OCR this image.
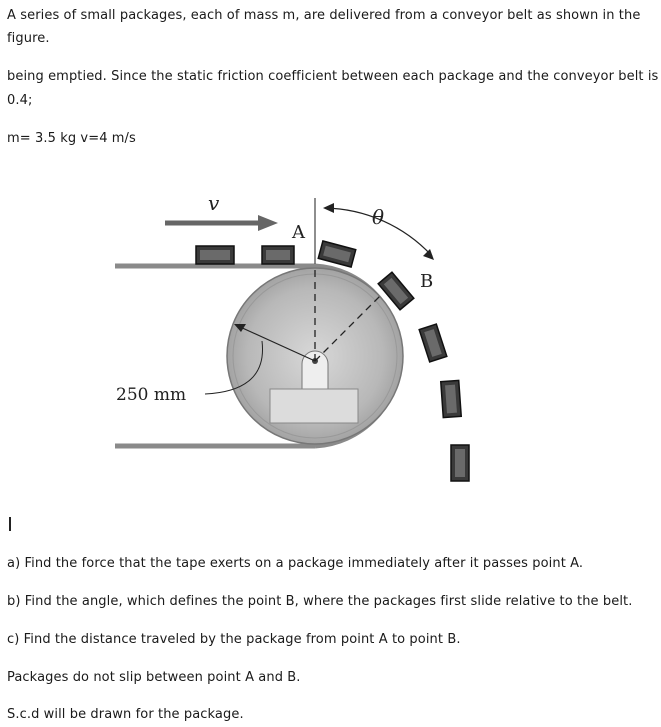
A series of small packages, each of mass m, are delivered from a conveyor belt as shown in the
figure.
being emptied. Since the static friction coefficient between each package and the conveyor belt is
0.4;
m= 3.5 kg v=4 m/s
v
A
θ
B
250 mm
a) Find the force that the tape exerts on a package immediately after it passes point A.
b) Find the angle, which defines the point B, where the packages first slide relative to the belt.
c) Find the distance traveled by the package from point A to point B.
Packages do not slip between point A and B.
S.c.d will be drawn for the package.
